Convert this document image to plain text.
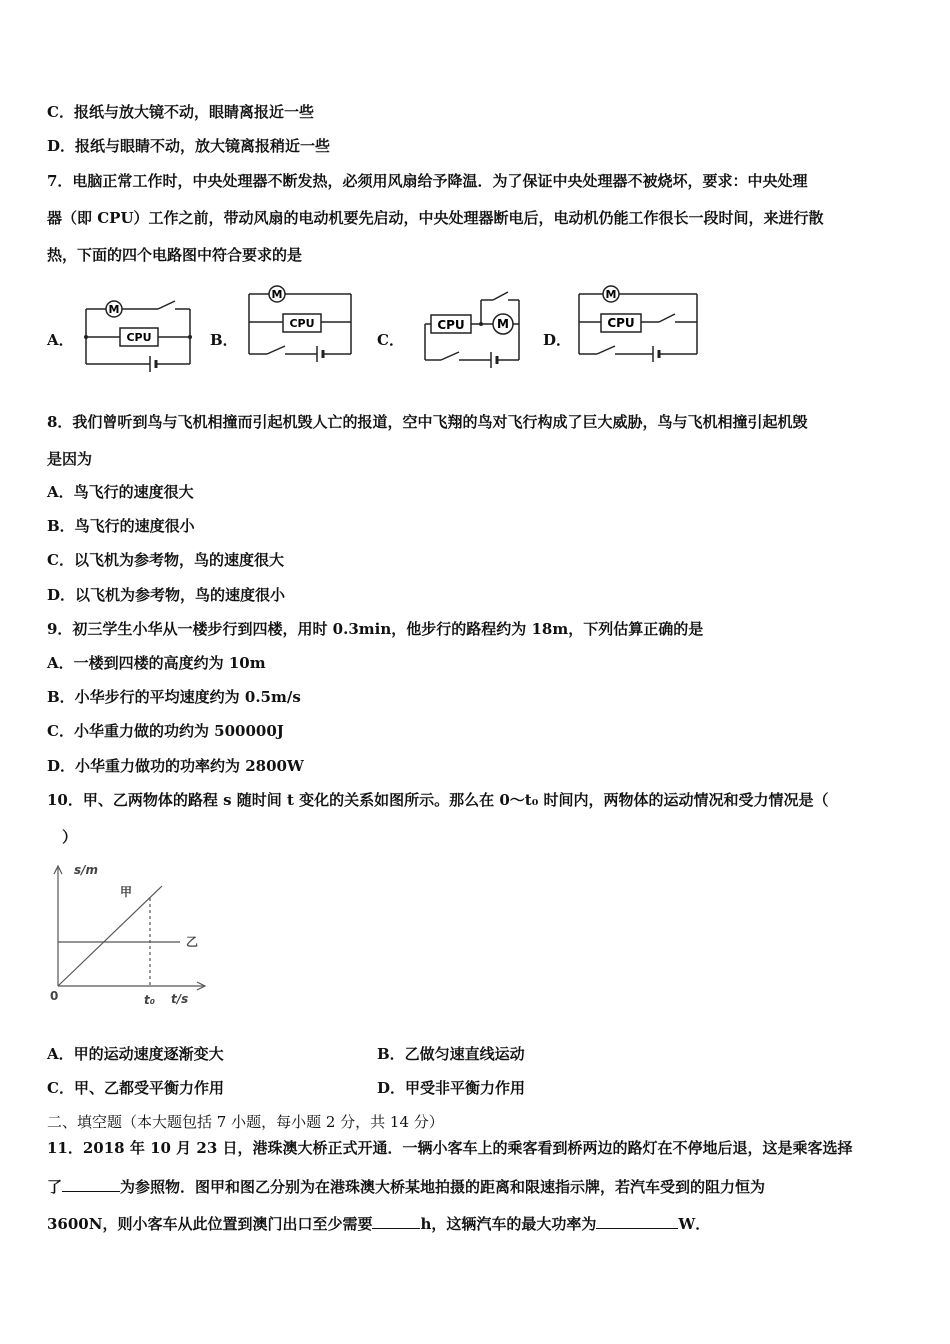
C．报纸与放大镜不动，眼睛离报近一些
D．报纸与眼睛不动，放大镜离报稍近一些
7．电脑正常工作时，中央处理器不断发热，必须用风扇给予降温．为了保证中央处理器不被烧坏，要求：中央处理
器（即 CPU）工作之前，带动风扇的电动机要先启动，中央处理器断电后，电动机仍能工作很长一段时间，来进行散
热，下面的四个电路图中符合要求的是
A．	B．	C．	D．
M
CPU
M
CPU	CPU	M
M
CPU
8．我们曾听到鸟与飞机相撞而引起机毁人亡的报道，空中飞翔的鸟对飞行构成了巨大威胁，鸟与飞机相撞引起机毁
是因为
A．鸟飞行的速度很大
B．鸟飞行的速度很小
C．以飞机为参考物，鸟的速度很大
D．以飞机为参考物，鸟的速度很小
9．初三学生小华从一楼步行到四楼，用时 0.3min，他步行的路程约为 18m，下列估算正确的是
A．一楼到四楼的高度约为 10m
B．小华步行的平均速度约为 0.5m/s
C．小华重力做的功约为 500000J
D．小华重力做功的功率约为 2800W
10．甲、乙两物体的路程 s 随时间 t 变化的关系如图所示。那么在 0～t₀ 时间内，两物体的运动情况和受力情况是（
）
s/m
t/s
0	t₀
甲
乙
A．甲的运动速度逐渐变大	B．乙做匀速直线运动
C．甲、乙都受平衡力作用	D．甲受非平衡力作用
二、填空题（本大题包括 7 小题，每小题 2 分，共 14 分）
11．2018 年 10 月 23 日，港珠澳大桥正式开通．一辆小客车上的乘客看到桥两边的路灯在不停地后退，这是乘客选择
了	为参照物．图甲和图乙分别为在港珠澳大桥某地拍摄的距离和限速指示牌，若汽车受到的阻力恒为
3600N，则小客车从此位置到澳门出口至少需要	h，这辆汽车的最大功率为	W．
